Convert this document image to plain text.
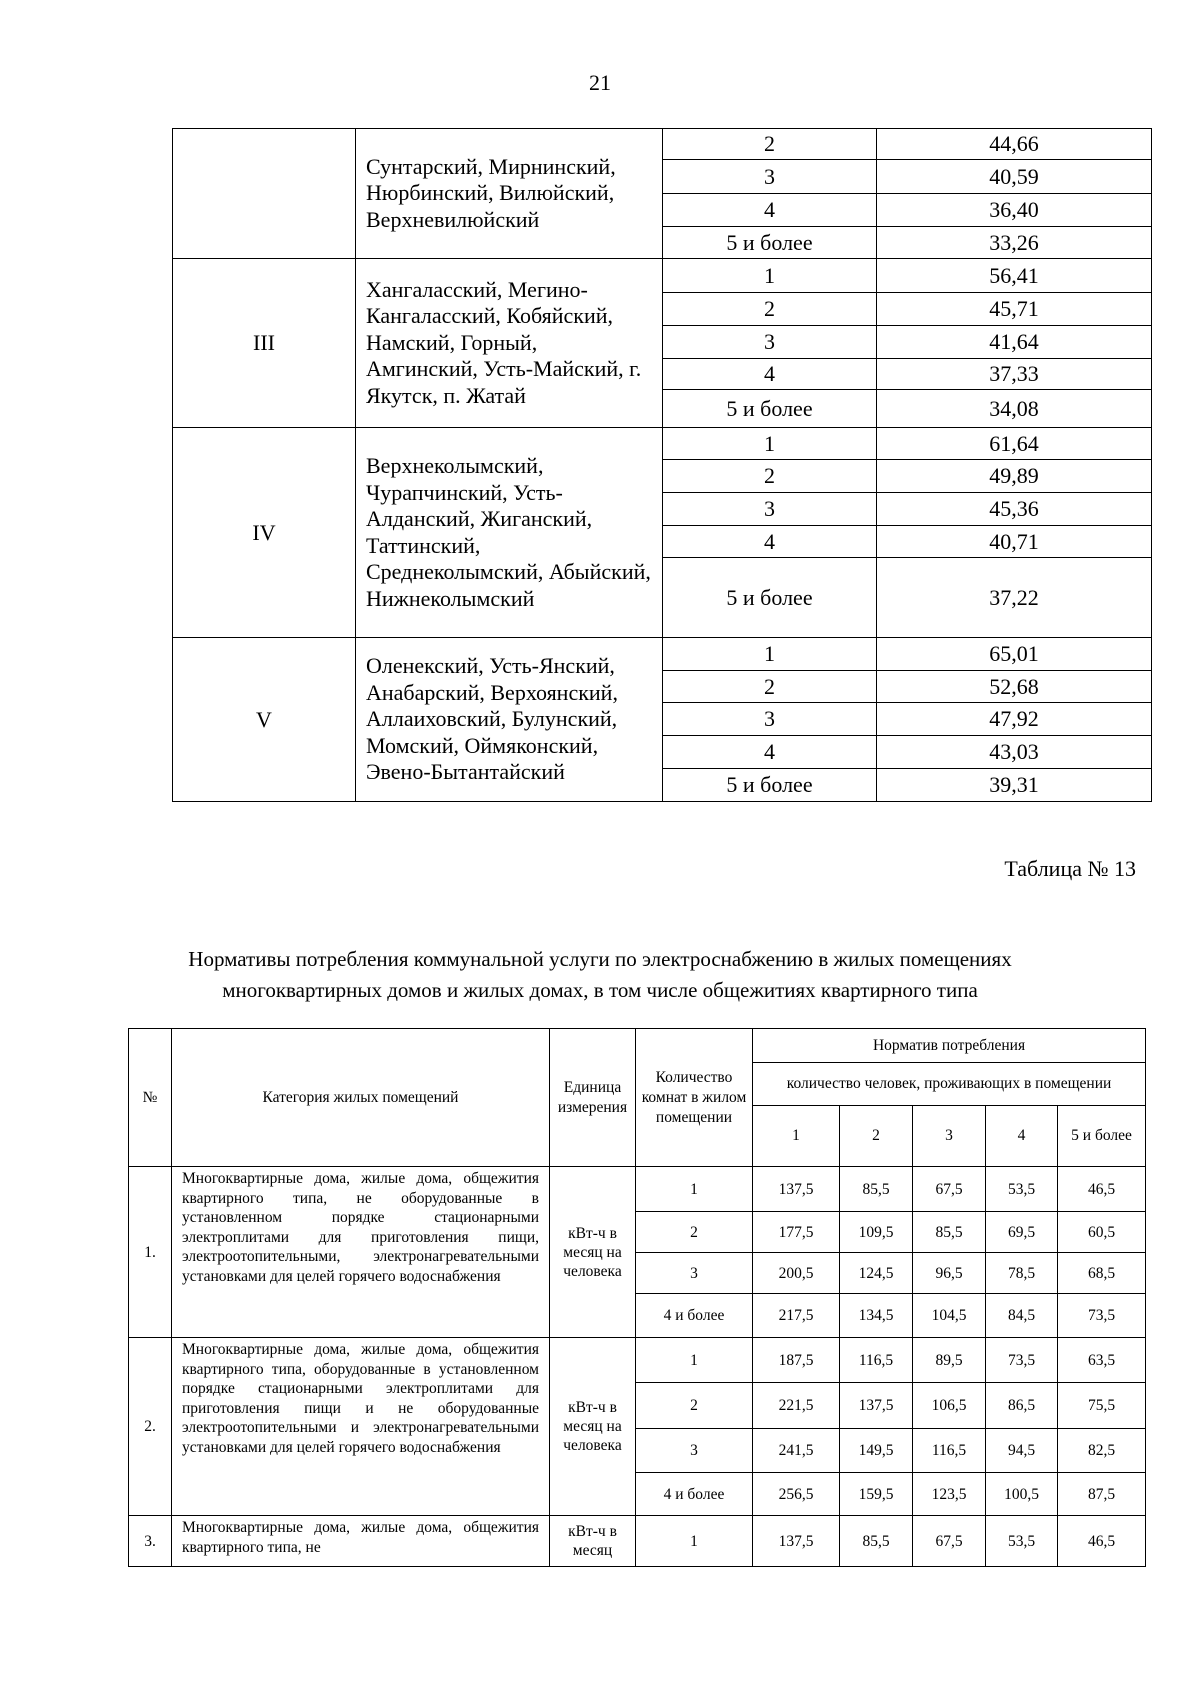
21
	Сунтарский, Мирнинский, Нюрбинский, Вилюйский, Верхневилюйский	2	44,66
		3	40,59
		4	36,40
		5 и более	33,26
III	Хангаласский, Мегино-Кангаласский, Кобяйский, Намский, Горный, Амгинский, Усть-Майский, г. Якутск, п. Жатай	1	56,41
		2	45,71
		3	41,64
		4	37,33
		5 и более	34,08
IV	Верхнеколымский, Чурапчинский, Усть-Алданский, Жиганский, Таттинский, Среднеколымский, Абыйский, Нижнеколымский	1	61,64
		2	49,89
		3	45,36
		4	40,71
		5 и более	37,22
V	Оленекский, Усть-Янский, Анабарский, Верхоянский, Аллаиховский, Булунский, Момский, Оймяконский, Эвено-Бытантайский	1	65,01
		2	52,68
		3	47,92
		4	43,03
		5 и более	39,31
Таблица № 13
Нормативы потребления коммунальной услуги по электроснабжению в жилых помещениях
многоквартирных домов и жилых домах, в том числе общежитиях квартирного типа
№	Категория жилых помещений	Единица измерения	Количество комнат в жилом помещении	Норматив потребления				
				количество человек, проживающих в помещении				
				1	2	3	4	5 и более
1.	Многоквартирные дома, жилые дома, общежития квартирного типа, не оборудованные в установленном порядке стационарными электроплитами для приготовления пищи, электроотопительными, электронагревательными установками для целей горячего водоснабжения	кВт-ч в месяц на человека	1	137,5	85,5	67,5	53,5	46,5
			2	177,5	109,5	85,5	69,5	60,5
			3	200,5	124,5	96,5	78,5	68,5
			4 и более	217,5	134,5	104,5	84,5	73,5
2.	Многоквартирные дома, жилые дома, общежития квартирного типа, оборудованные в установленном порядке стационарными электроплитами для приготовления пищи и не оборудованные электроотопительными и электронагревательными установками для целей горячего водоснабжения	кВт-ч в месяц на человека	1	187,5	116,5	89,5	73,5	63,5
			2	221,5	137,5	106,5	86,5	75,5
			3	241,5	149,5	116,5	94,5	82,5
			4 и более	256,5	159,5	123,5	100,5	87,5
3.	Многоквартирные дома, жилые дома, общежития квартирного типа, не	кВт-ч в месяц	1	137,5	85,5	67,5	53,5	46,5
